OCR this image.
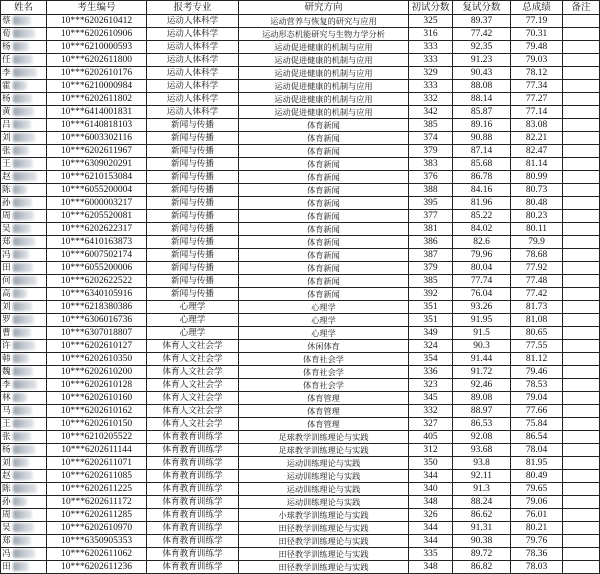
姓名	考生编号	报考专业	研究方向	初试分数	复试分数	总成绩	备注
蔡	10***6202610412	运动人体科学	运动营养与恢复的研究与应用	325	89.37	77.19	
荀	10***6202610906	运动人体科学	运动形态机能研究与生物力学分析	316	77.42	70.31	
杨	10***6210000593	运动人体科学	运动促进健康的机制与应用	333	92.35	79.48	
任	10***6202611800	运动人体科学	运动促进健康的机制与应用	333	91.23	79.03	
李	10***6202610176	运动人体科学	运动促进健康的机制与应用	329	90.43	78.12	
霍	10***6210000984	运动人体科学	运动促进健康的机制与应用	333	88.08	77.34	
杨	10***6202611802	运动人体科学	运动促进健康的机制与应用	332	88.14	77.27	
黄	10***6414001831	运动人体科学	运动促进健康的机制与应用	342	85.87	77.14	
吕	10***6140818103	新闻与传播	体育新闻	385	89.16	83.08	
刘	10***6003302116	新闻与传播	体育新闻	374	90.88	82.21	
张	10***6202611967	新闻与传播	体育新闻	379	87.14	82.47	
王	10***6309020291	新闻与传播	体育新闻	383	85.68	81.14	
赵	10***6210153084	新闻与传播	体育新闻	376	86.78	80.99	
陈	10***6055200004	新闻与传播	体育新闻	388	84.16	80.73	
孙	10***6000003217	新闻与传播	体育新闻	395	81.96	80.48	
周	10***6205520081	新闻与传播	体育新闻	377	85.22	80.23	
吴	10***6202622317	新闻与传播	体育新闻	381	84.02	80.11	
郑	10***6410163873	新闻与传播	体育新闻	386	82.6	79.9	
冯	10***6007502174	新闻与传播	体育新闻	387	79.96	78.68	
田	10***6055200006	新闻与传播	体育新闻	379	80.04	77.92	
何	10***6202622522	新闻与传播	体育新闻	385	77.74	77.48	
高	10***6340105916	新闻与传播	体育新闻	392	76.04	77.42	
刘	10***6218380386	心理学	心理学	351	93.26	81.73	
罗	10***6306016736	心理学	心理学	351	91.95	81.08	
曹	10***6307018807	心理学	心理学	349	91.5	80.65	
许	10***6202610127	体育人文社会学	休闲体育	324	90.3	77.55	
韩	10***6202610350	体育人文社会学	体育社会学	354	91.44	81.12	
魏	10***6202610200	体育人文社会学	体育社会学	336	91.72	79.46	
李	10***6202610128	体育人文社会学	体育社会学	323	92.46	78.53	
林	10***6202610160	体育人文社会学	体育管理	345	89.08	79.04	
马	10***6202610162	体育人文社会学	体育管理	332	88.97	77.66	
王	10***6202610150	体育人文社会学	体育管理	327	86.53	75.84	
张	10***6210205522	体育教育训练学	足球教学训练理论与实践	405	92.08	86.54	
杨	10***6202611144	体育教育训练学	足球教学训练理论与实践	312	93.68	78.04	
刘	10***6202611071	体育教育训练学	运动训练理论与实践	350	93.8	81.95	
赵	10***6202611085	体育教育训练学	运动训练理论与实践	344	92.11	80.49	
陈	10***6202611225	体育教育训练学	运动训练理论与实践	340	91.3	79.65	
孙	10***6202611172	体育教育训练学	运动训练理论与实践	348	88.24	79.06	
周	10***6202611285	体育教育训练学	小球教学训练理论与实践	326	86.62	76.01	
吴	10***6202610970	体育教育训练学	田径教学训练理论与实践	344	91.31	80.21	
郑	10***6350905353	体育教育训练学	田径教学训练理论与实践	344	90.38	79.76	
冯	10***6202611062	体育教育训练学	田径教学训练理论与实践	335	89.72	78.36	
田	10***6202611236	体育教育训练学	田径教学训练理论与实践	348	86.82	78.03	
